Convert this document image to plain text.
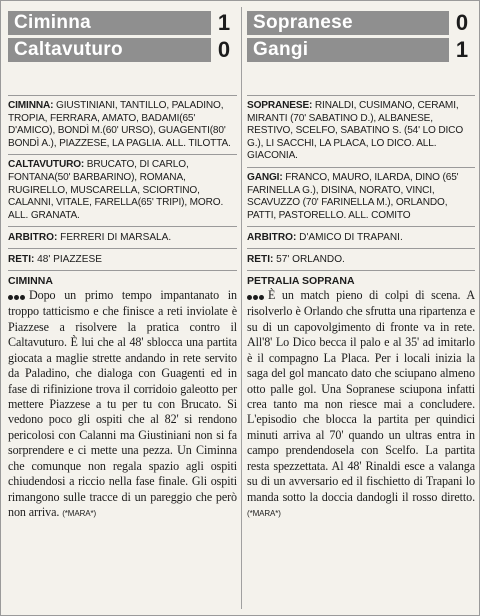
Ciminna	1
Caltavuturo	0
CIMINNA: GIUSTINIANI, TANTILLO, PALADINO, TROPIA, FERRARA, AMATO, BADAMI(65' D'AMICO), BONDÌ M.(60' URSO), GUAGENTI(80' BONDÌ A.), PIAZZESE, LA PAGLIA. ALL. TILOTTA.
CALTAVUTURO: BRUCATO, DI CARLO, FONTANA(50' BARBARINO), ROMANA, RUGIRELLO, MUSCARELLA, SCIORTINO, CALANNI, VITALE, FARELLA(65' TRIPI), MORO. ALL. GRANATA.
ARBITRO: FERRERI DI MARSALA.
RETI: 48' PIAZZESE
CIMINNA
Dopo un primo tempo impantanato in troppo tatticismo e che finisce a reti inviolate è Piazzese a risolvere la pratica contro il Caltavuturo. È lui che al 48' sblocca una partita giocata a maglie strette andando in rete servito da Paladino, che dialoga con Guagenti ed in fase di rifinizione trova il corridoio galeotto per mettere Piazzese a tu per tu con Brucato. Si vedono poco gli ospiti che al 82' si rendono pericolosi con Calanni ma Giustiniani non si fa sorprendere e ci mette una pezza. Un Ciminna che comunque non regala spazio agli ospiti chiudendosi a riccio nella fase finale. Gli ospiti rimangono sulle tracce di un pareggio che però non arriva. (*MARA*)
Sopranese	0
Gangi	1
SOPRANESE: RINALDI, CUSIMANO, CERAMI, MIRANTI (70' SABATINO D.), ALBANESE, RESTIVO, SCELFO, SABATINO S. (54' LO DICO G.), LI SACCHI, LA PLACA, LO DICO. ALL. GIACONIA.
GANGI: FRANCO, MAURO, ILARDA, DINO (65' FARINELLA G.), DISINA, NORATO, VINCI, SCAVUZZO (70' FARINELLA M.), ORLANDO, PATTI, PASTORELLO. ALL. COMITO
ARBITRO: D'AMICO DI TRAPANI.
RETI: 57' ORLANDO.
PETRALIA SOPRANA
È un match pieno di colpi di scena. A risolverlo è Orlando che sfrutta una ripartenza e su di un capovolgimento di fronte va in rete. All'8' Lo Dico becca il palo e al 35' ad imitarlo è il compagno La Placa. Per i locali inizia la saga del gol mancato dato che sciupano almeno otto palle gol. Una Sopranese sciupona infatti crea tanto ma non riesce mai a concludere. L'episodio che blocca la partita per quindici minuti arriva al 70' quando un ultras entra in campo prendendosela con Scelfo. La partita resta spezzettata. Al 48' Rinaldi esce a valanga su di un avversario ed il fischietto di Trapani lo manda sotto la doccia dandogli il rosso diretto. (*MARA*)
